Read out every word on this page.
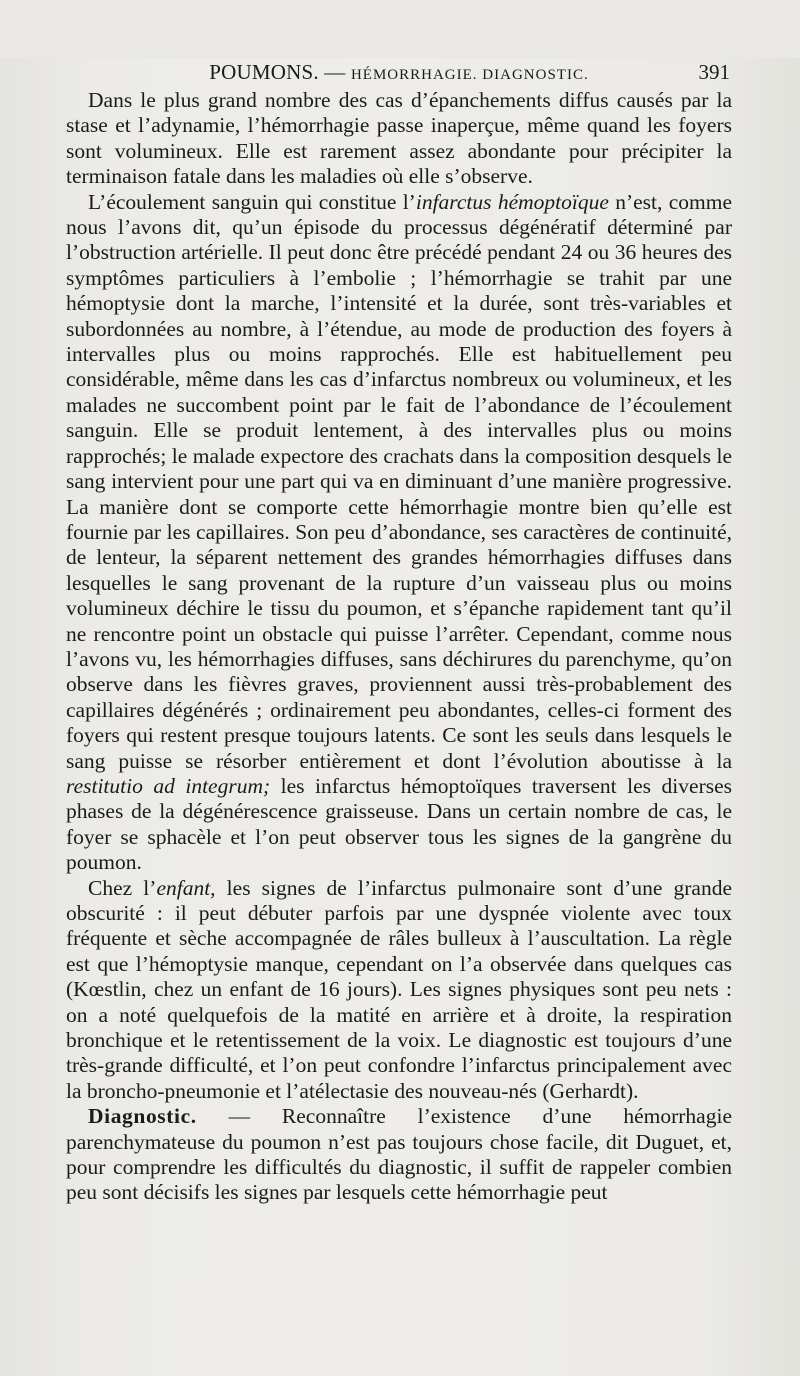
POUMONS. — HÉMORRHAGIE. DIAGNOSTIC.	391

Dans le plus grand nombre des cas d’épanchements diffus causés par la stase et l’adynamie, l’hémorrhagie passe inaperçue, même quand les foyers sont volumineux. Elle est rarement assez abondante pour précipiter la terminaison fatale dans les maladies où elle s’observe.

L’écoulement sanguin qui constitue l’infarctus hémoptoïque n’est, comme nous l’avons dit, qu’un épisode du processus dégénératif déterminé par l’obstruction artérielle. Il peut donc être précédé pendant 24 ou 36 heures des symptômes particuliers à l’embolie ; l’hémorrhagie se trahit par une hémoptysie dont la marche, l’intensité et la durée, sont très-variables et subordonnées au nombre, à l’étendue, au mode de production des foyers à intervalles plus ou moins rapprochés. Elle est habituellement peu considérable, même dans les cas d’infarctus nombreux ou volumineux, et les malades ne succombent point par le fait de l’abondance de l’écoulement sanguin. Elle se produit lentement, à des intervalles plus ou moins rapprochés; le malade expectore des crachats dans la composition desquels le sang intervient pour une part qui va en diminuant d’une manière progressive. La manière dont se comporte cette hémorrhagie montre bien qu’elle est fournie par les capillaires. Son peu d’abondance, ses caractères de continuité, de lenteur, la séparent nettement des grandes hémorrhagies diffuses dans lesquelles le sang provenant de la rupture d’un vaisseau plus ou moins volumineux déchire le tissu du poumon, et s’épanche rapidement tant qu’il ne rencontre point un obstacle qui puisse l’arrêter. Cependant, comme nous l’avons vu, les hémorrhagies diffuses, sans déchirures du parenchyme, qu’on observe dans les fièvres graves, proviennent aussi très-probablement des capillaires dégénérés ; ordinairement peu abondantes, celles-ci forment des foyers qui restent presque toujours latents. Ce sont les seuls dans lesquels le sang puisse se résorber entièrement et dont l’évolution aboutisse à la restitutio ad integrum; les infarctus hémoptoïques traversent les diverses phases de la dégénérescence graisseuse. Dans un certain nombre de cas, le foyer se sphacèle et l’on peut observer tous les signes de la gangrène du poumon.

Chez l’enfant, les signes de l’infarctus pulmonaire sont d’une grande obscurité : il peut débuter parfois par une dyspnée violente avec toux fréquente et sèche accompagnée de râles bulleux à l’auscultation. La règle est que l’hémoptysie manque, cependant on l’a observée dans quelques cas (Kœstlin, chez un enfant de 16 jours). Les signes physiques sont peu nets : on a noté quelquefois de la matité en arrière et à droite, la respiration bronchique et le retentissement de la voix. Le diagnostic est toujours d’une très-grande difficulté, et l’on peut confondre l’infarctus principalement avec la broncho-pneumonie et l’atélectasie des nouveau-nés (Gerhardt).

Diagnostic. — Reconnaître l’existence d’une hémorrhagie parenchymateuse du poumon n’est pas toujours chose facile, dit Duguet, et, pour comprendre les difficultés du diagnostic, il suffit de rappeler combien peu sont décisifs les signes par lesquels cette hémorrhagie peut
